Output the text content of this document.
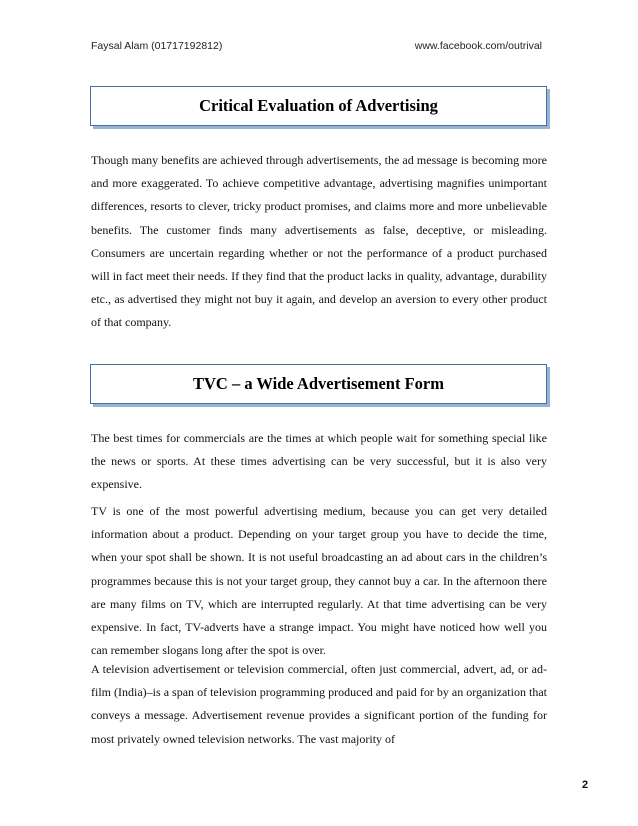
Faysal Alam (01717192812)	www.facebook.com/outrival
Critical Evaluation of Advertising

Though many benefits are achieved through advertisements, the ad message is becoming more and more exaggerated. To achieve competitive advantage, advertising magnifies unimportant differences, resorts to clever, tricky product promises, and claims more and more unbelievable benefits. The customer finds many advertisements as false, deceptive, or misleading. Consumers are uncertain regarding whether or not the performance of a product purchased will in fact meet their needs. If they find that the product lacks in quality, advantage, durability etc., as advertised they might not buy it again, and develop an aversion to every other product of that company.

TVC – a Wide Advertisement Form

The best times for commercials are the times at which people wait for something special like the news or sports. At these times advertising can be very successful, but it is also very expensive.

TV is one of the most powerful advertising medium, because you can get very detailed information about a product. Depending on your target group you have to decide the time, when your spot shall be shown. It is not useful broadcasting an ad about cars in the children’s programmes because this is not your target group, they cannot buy a car. In the afternoon there are many films on TV, which are interrupted regularly. At that time advertising can be very expensive. In fact, TV-adverts have a strange impact. You might have noticed how well you can remember slogans long after the spot is over.

A television advertisement or television commercial, often just commercial, advert, ad, or ad-film (India)–is a span of television programming produced and paid for by an organization that conveys a message. Advertisement revenue provides a significant portion of the funding for most privately owned television networks. The vast majority of

2
